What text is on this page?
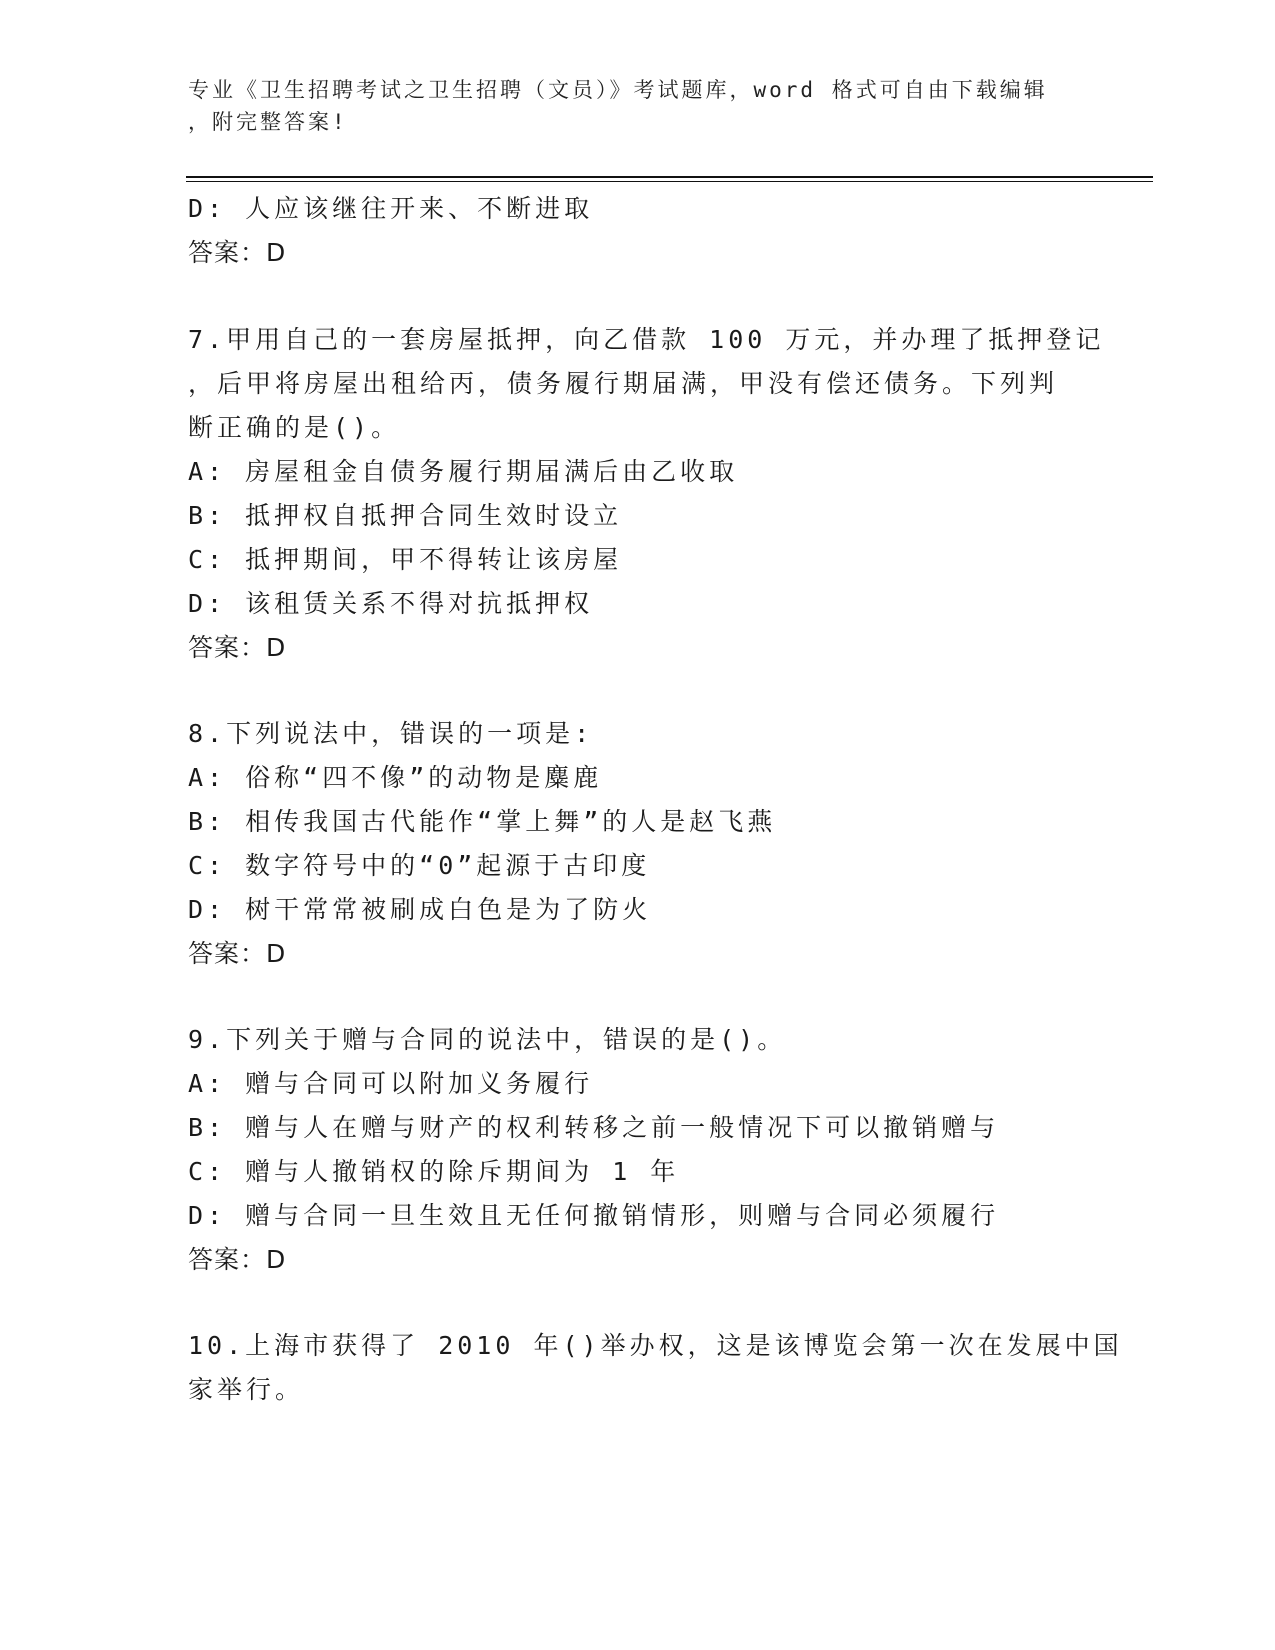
专业《卫生招聘考试之卫生招聘（文员）》考试题库，word 格式可自由下载编辑
，附完整答案!
D: 人应该继往开来、不断进取
答案：D
7.甲用自己的一套房屋抵押，向乙借款 100 万元，并办理了抵押登记
，后甲将房屋出租给丙，债务履行期届满，甲没有偿还债务。下列判
断正确的是()。
A: 房屋租金自债务履行期届满后由乙收取
B: 抵押权自抵押合同生效时设立
C: 抵押期间，甲不得转让该房屋
D: 该租赁关系不得对抗抵押权
答案：D
8.下列说法中，错误的一项是:
A: 俗称“四不像”的动物是麋鹿
B: 相传我国古代能作“掌上舞”的人是赵飞燕
C: 数字符号中的“0”起源于古印度
D: 树干常常被刷成白色是为了防火
答案：D
9.下列关于赠与合同的说法中，错误的是()。
A: 赠与合同可以附加义务履行
B: 赠与人在赠与财产的权利转移之前一般情况下可以撤销赠与
C: 赠与人撤销权的除斥期间为 1 年
D: 赠与合同一旦生效且无任何撤销情形，则赠与合同必须履行
答案：D
10.上海市获得了 2010 年()举办权，这是该博览会第一次在发展中国
家举行。
